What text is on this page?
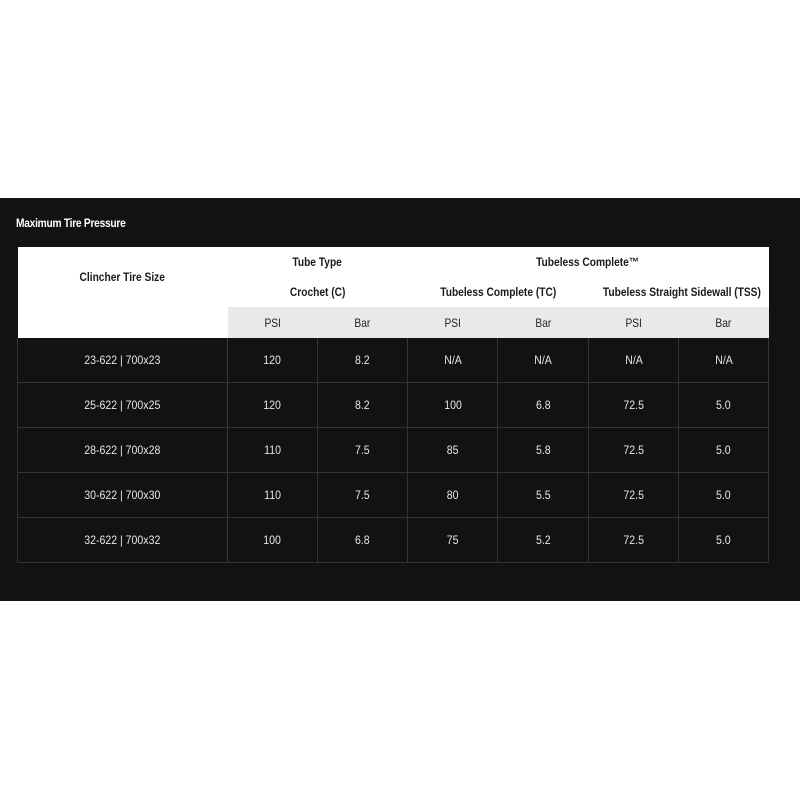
Maximum Tire Pressure
Clincher Tire Size	Tube Type		Tubeless Complete™			
	Crochet (C)		Tubeless Complete (TC)		Tubeless Straight Sidewall (TSS)	
	PSI	Bar	PSI	Bar	PSI	Bar
23-622 | 700x23	120	8.2	N/A	N/A	N/A	N/A
25-622 | 700x25	120	8.2	100	6.8	72.5	5.0
28-622 | 700x28	110	7.5	85	5.8	72.5	5.0
30-622 | 700x30	110	7.5	80	5.5	72.5	5.0
32-622 | 700x32	100	6.8	75	5.2	72.5	5.0
